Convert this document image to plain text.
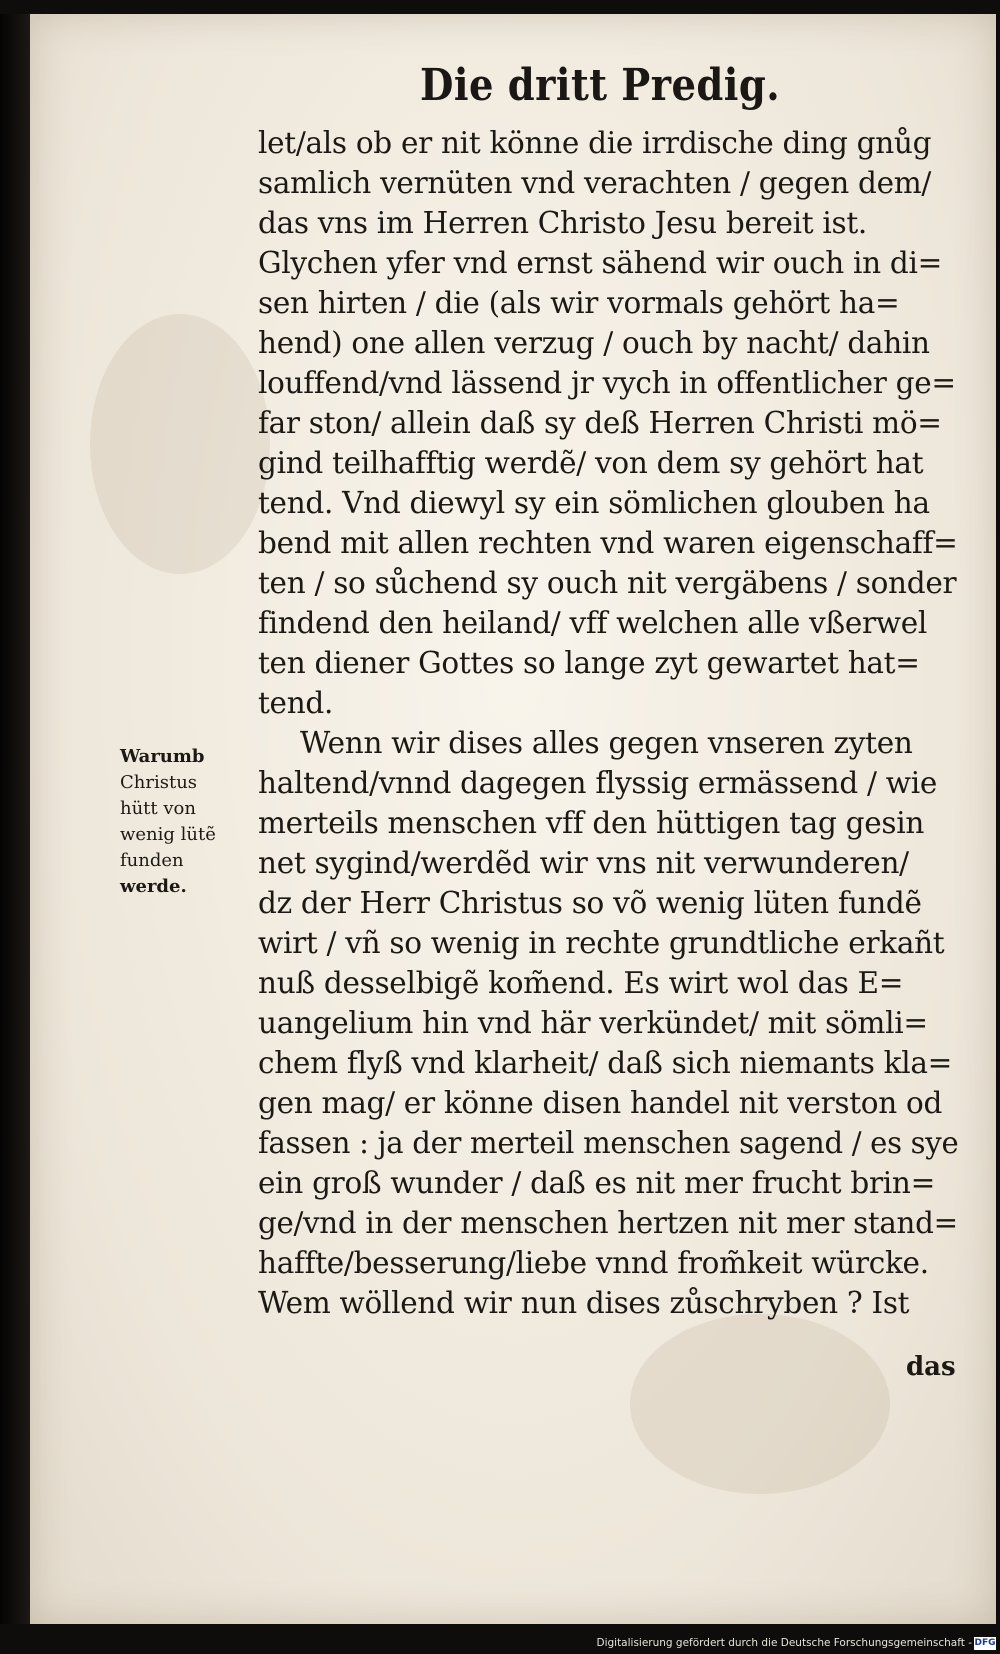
Die dritt Predig.
let/als ob er nit könne die irrdische ding gnůg
samlich vernüten vnd verachten / gegen dem/
das vns im Herren Christo Jesu bereit ist.
Glychen yfer vnd ernst sähend wir ouch in di=
sen hirten / die (als wir vormals gehört ha=
hend) one allen verzug / ouch by nacht/ dahin
louffend/vnd lässend jr vych in offentlicher ge=
far ston/ allein daß sy deß Herren Christi mö=
gind teilhafftig werdẽ/ von dem sy gehört hat
tend. Vnd diewyl sy ein sömlichen glouben ha
bend mit allen rechten vnd waren eigenschaff=
ten / so sůchend sy ouch nit vergäbens / sonder
findend den heiland/ vff welchen alle vßerwel
ten diener Gottes so lange zyt gewartet hat=
tend.
Wenn wir dises alles gegen vnseren zyten
haltend/vnnd dagegen flyssig ermässend / wie
merteils menschen vff den hüttigen tag gesin
net sygind/werdẽd wir vns nit verwunderen/
dz der Herr Christus so võ wenig lüten fundẽ
wirt / vñ so wenig in rechte grundtliche erkañt
nuß desselbigẽ kom̃end. Es wirt wol das E=
uangelium hin vnd här verkündet/ mit sömli=
chem flyß vnd klarheit/ daß sich niemants kla=
gen mag/ er könne disen handel nit verston od
fassen : ja der merteil menschen sagend / es sye
ein groß wunder / daß es nit mer frucht brin=
ge/vnd in der menschen hertzen nit mer stand=
haffte/besserung/liebe vnnd from̃keit würcke.
Wem wöllend wir nun dises zůschryben ? Ist
das
Warumb
Christus
hütt von
wenig lütẽ
funden
werde.
Digitalisierung gefördert durch die Deutsche Forschungsgemeinschaft - DFG
